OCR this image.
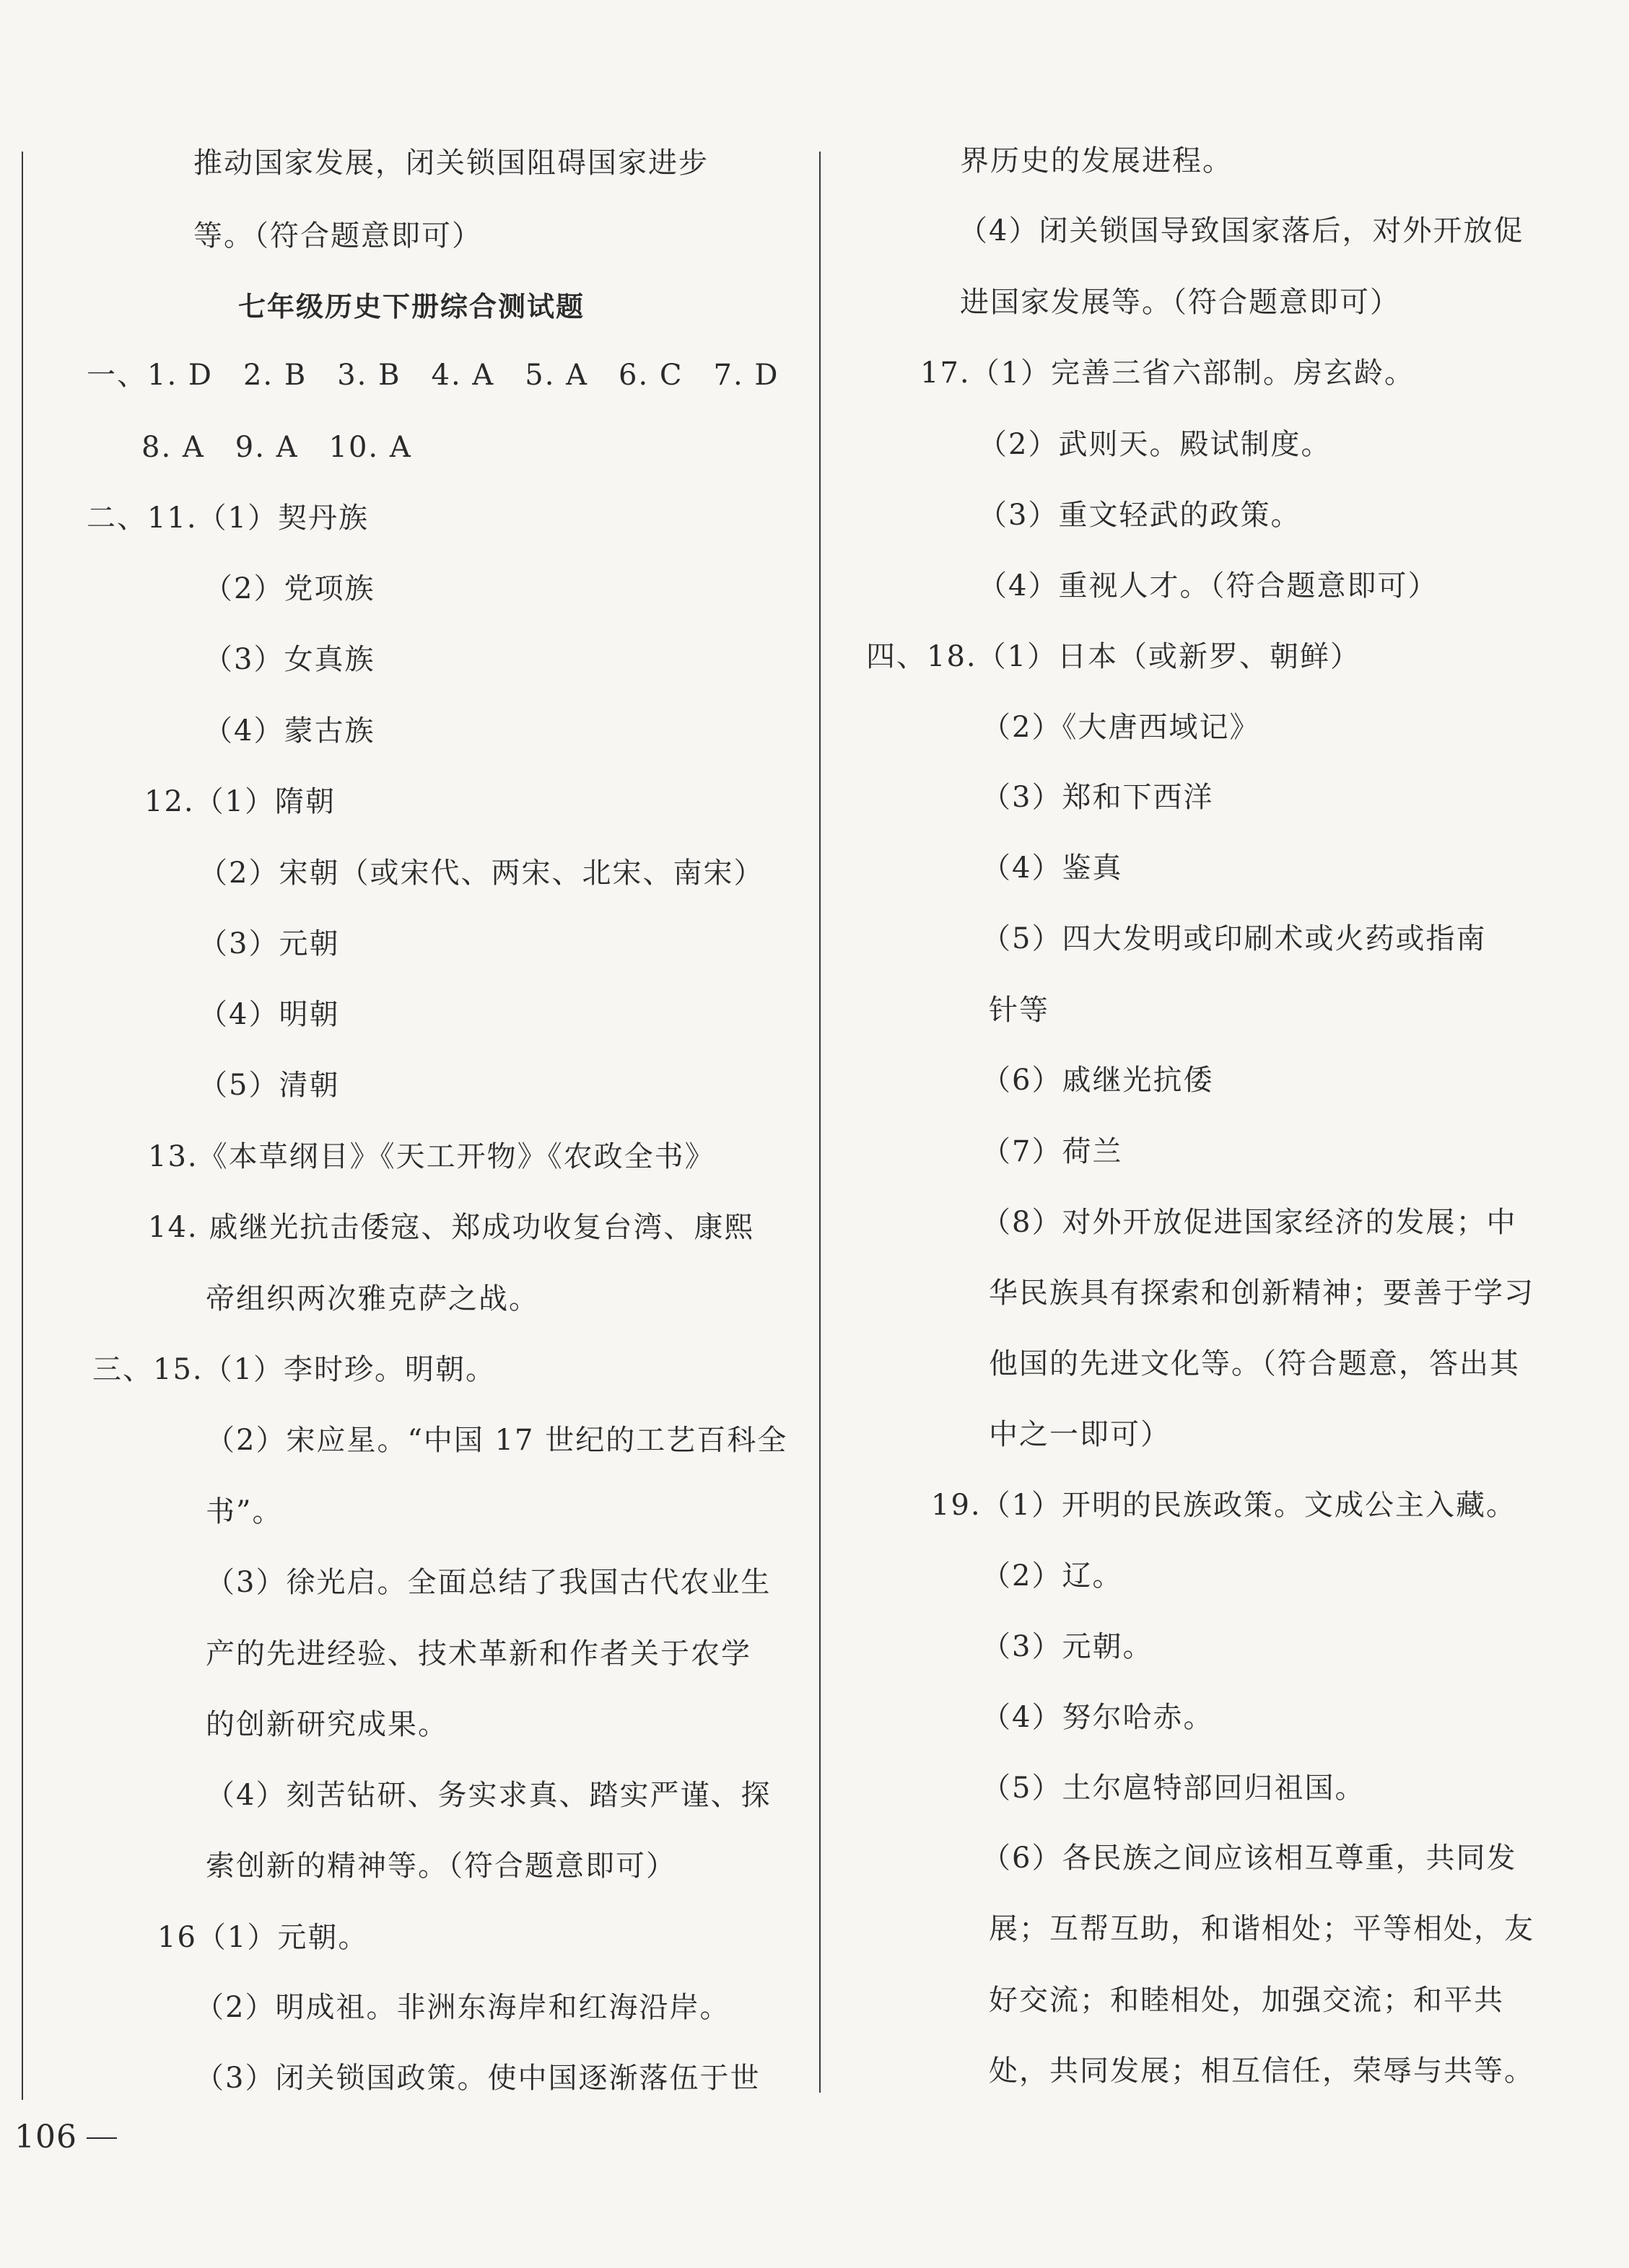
推动国家发展，闭关锁国阻碍国家进步
等。（符合题意即可）
七年级历史下册综合测试题
一、1. D　2. B　3. B　4. A　5. A　6. C　7. D
8. A　9. A　10. A
二、11.（1）契丹族
（2）党项族
（3）女真族
（4）蒙古族
12.（1）隋朝
（2）宋朝（或宋代、两宋、北宋、南宋）
（3）元朝
（4）明朝
（5）清朝
13.《本草纲目》《天工开物》《农政全书》
14. 戚继光抗击倭寇、郑成功收复台湾、康熙
帝组织两次雅克萨之战。
三、15.（1）李时珍。明朝。
（2）宋应星。“中国 17 世纪的工艺百科全
书”。
（3）徐光启。全面总结了我国古代农业生
产的先进经验、技术革新和作者关于农学
的创新研究成果。
（4）刻苦钻研、务实求真、踏实严谨、探
索创新的精神等。（符合题意即可）
16（1）元朝。
（2）明成祖。非洲东海岸和红海沿岸。
（3）闭关锁国政策。使中国逐渐落伍于世
界历史的发展进程。
（4）闭关锁国导致国家落后，对外开放促
进国家发展等。（符合题意即可）
17.（1）完善三省六部制。房玄龄。
（2）武则天。殿试制度。
（3）重文轻武的政策。
（4）重视人才。（符合题意即可）
四、18.（1）日本（或新罗、朝鲜）
（2）《大唐西域记》
（3）郑和下西洋
（4）鉴真
（5）四大发明或印刷术或火药或指南
针等
（6）戚继光抗倭
（7）荷兰
（8）对外开放促进国家经济的发展；中
华民族具有探索和创新精神；要善于学习
他国的先进文化等。（符合题意，答出其
中之一即可）
19.（1）开明的民族政策。文成公主入藏。
（2）辽。
（3）元朝。
（4）努尔哈赤。
（5）土尔扈特部回归祖国。
（6）各民族之间应该相互尊重，共同发
展；互帮互助，和谐相处；平等相处，友
好交流；和睦相处，加强交流；和平共
处，共同发展；相互信任，荣辱与共等。
106
